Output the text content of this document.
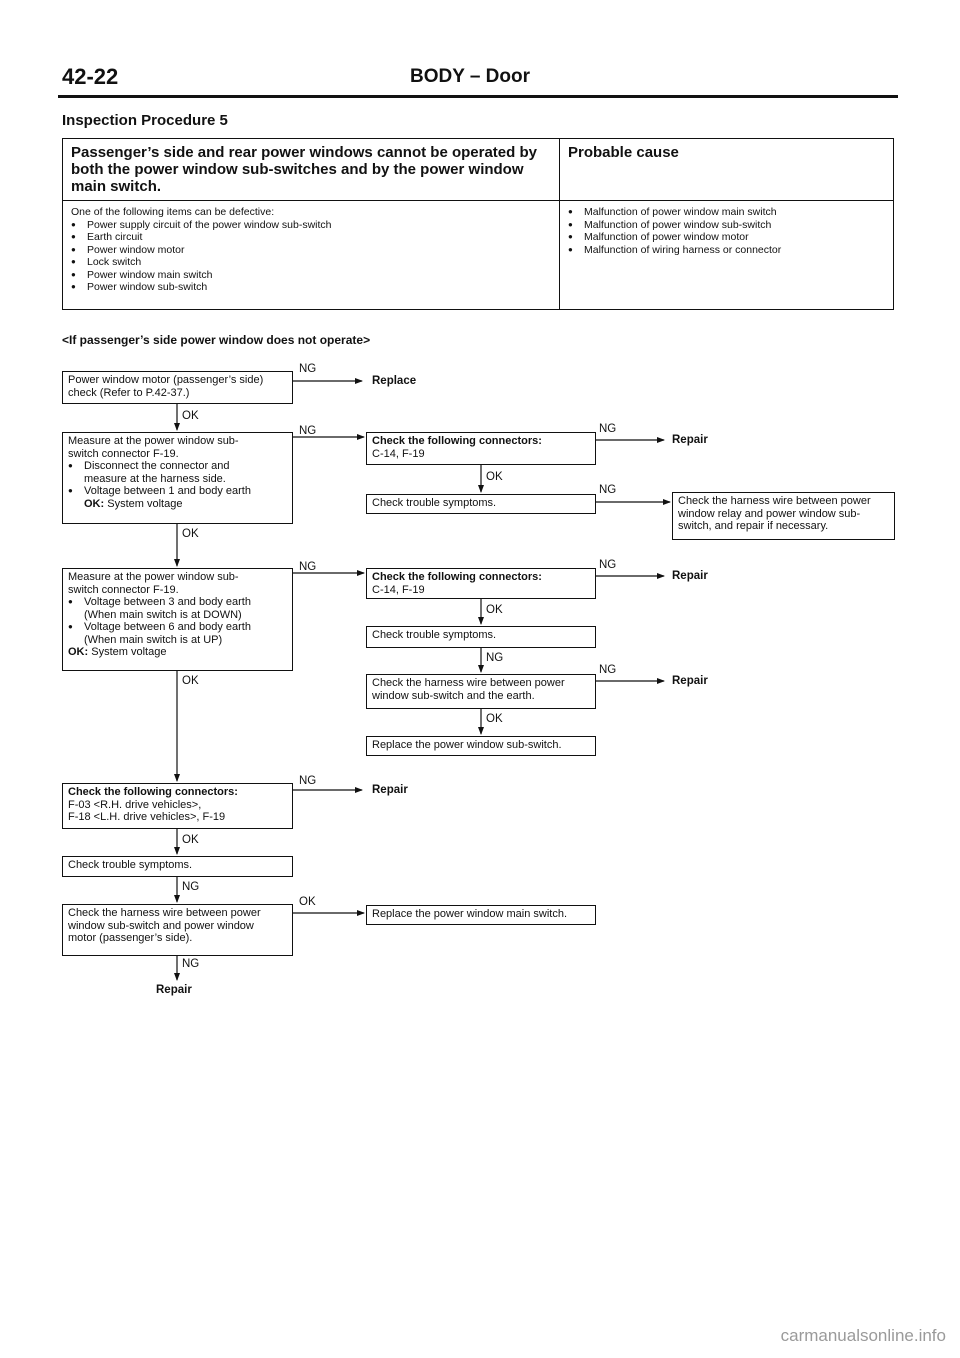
42-22	BODY – Door
Inspection Procedure 5
Passenger’s side and rear power windows cannot be operated by both the power window sub-switches and by the power window main switch.
One of the following items can be defective:
● Power supply circuit of the power window sub-switch
● Earth circuit
● Power window motor
● Lock switch
● Power window main switch
● Power window sub-switch
Probable cause
● Malfunction of power window main switch
● Malfunction of power window sub-switch
● Malfunction of power window motor
● Malfunction of wiring harness or connector
<If passenger’s side power window does not operate>
Power window motor (passenger’s side)
check (Refer to P.42-37.)
NG
Replace
OK
Measure at the power window sub-
switch connector F-19.
● Disconnect the connector and
measure at the harness side.
● Voltage between 1 and body earth
OK: System voltage
NG
Check the following connectors:
C-14, F-19
NG
Repair
OK
Check trouble symptoms.
NG
Check the harness wire between power
window relay and power window sub-
switch, and repair if necessary.
OK
Measure at the power window sub-
switch connector F-19.
● Voltage between 3 and body earth
(When main switch is at DOWN)
● Voltage between 6 and body earth
(When main switch is at UP)
OK: System voltage
NG
Check the following connectors:
C-14, F-19
NG
Repair
OK
Check trouble symptoms.
NG
NG
Check the harness wire between power
window sub-switch and the earth.
Repair
OK
Replace the power window sub-switch.
OK
Check the following connectors:
F-03 <R.H. drive vehicles>,
F-18 <L.H. drive vehicles>, F-19
NG
Repair
OK
Check trouble symptoms.
NG
Check the harness wire between power
window sub-switch and power window
motor (passenger’s side).
OK
Replace the power window main switch.
NG
Repair
carmanualsonline.info
